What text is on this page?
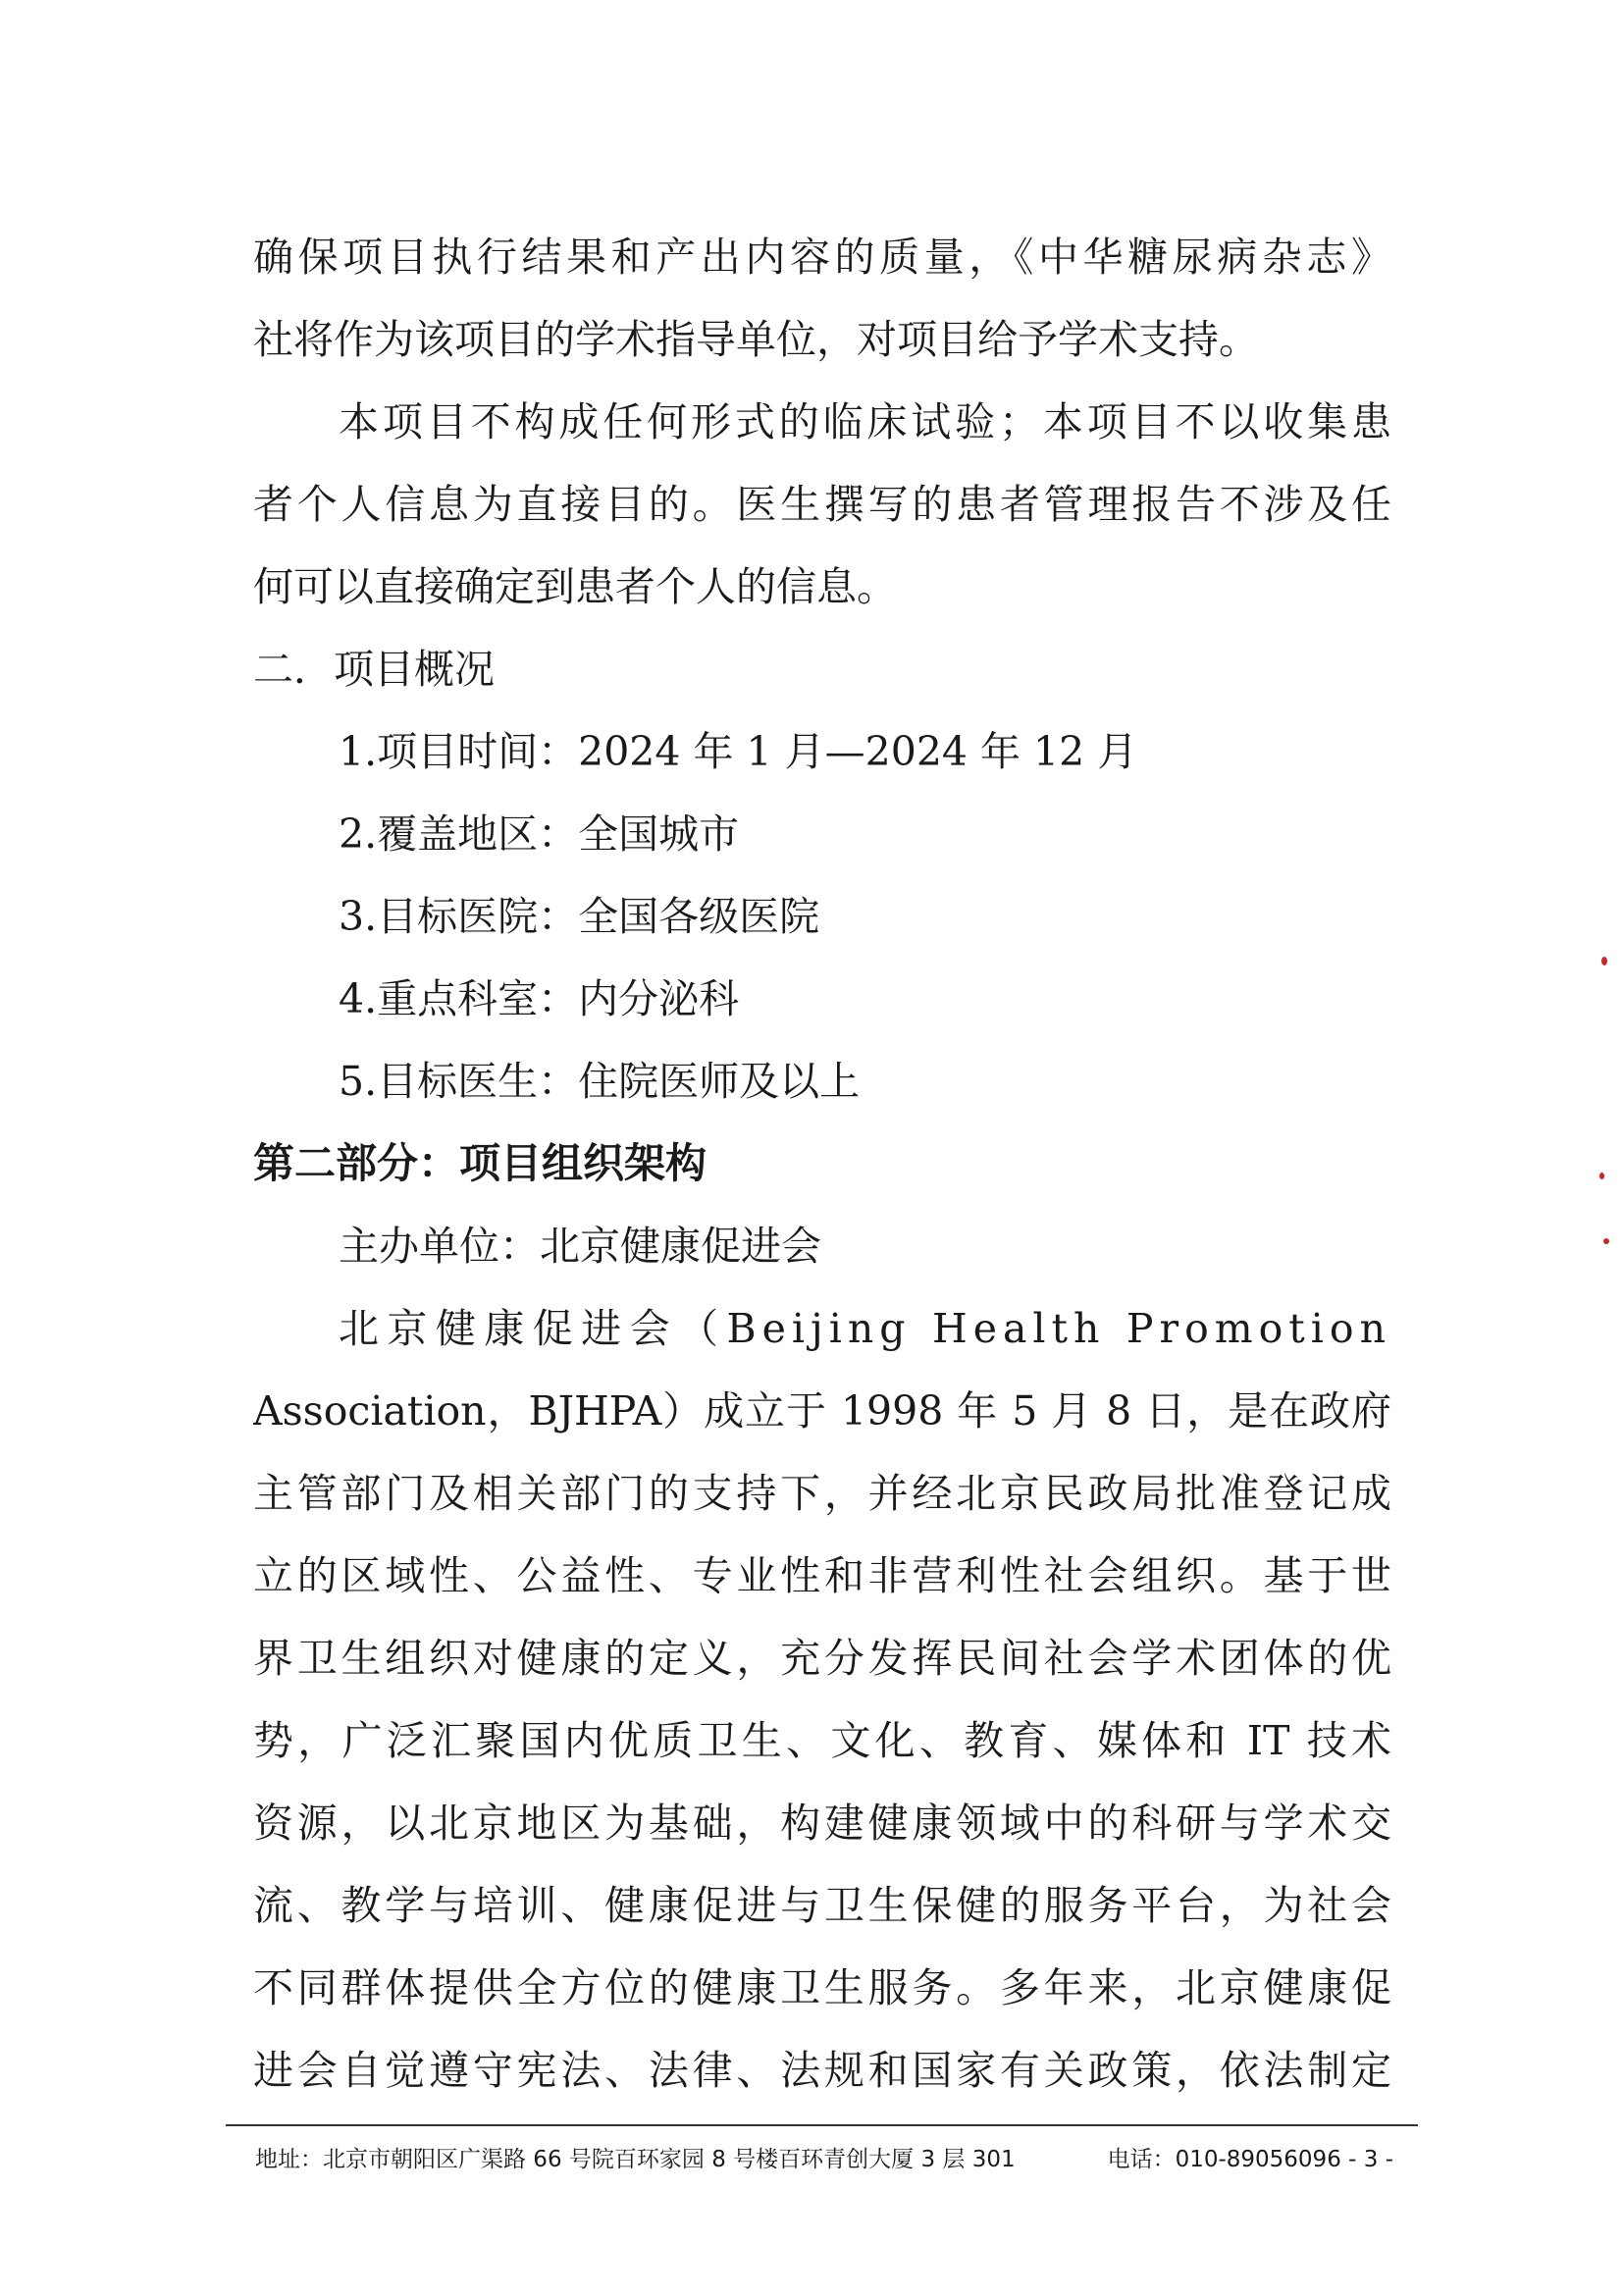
确保项目执行结果和产出内容的质量，《中华糖尿病杂志》
社将作为该项目的学术指导单位，对项目给予学术支持。
本项目不构成任何形式的临床试验；本项目不以收集患
者个人信息为直接目的。医生撰写的患者管理报告不涉及任
何可以直接确定到患者个人的信息。
二．项目概况
1.项目时间：2024 年 1 月—2024 年 12 月
2.覆盖地区：全国城市
3.目标医院：全国各级医院
4.重点科室：内分泌科
5.目标医生：住院医师及以上
第二部分：项目组织架构
主办单位：北京健康促进会
北京健康促进会（Beijing Health Promotion
Association，BJHPA）成立于 1998 年 5 月 8 日，是在政府
主管部门及相关部门的支持下，并经北京民政局批准登记成
立的区域性、公益性、专业性和非营利性社会组织。基于世
界卫生组织对健康的定义，充分发挥民间社会学术团体的优
势，广泛汇聚国内优质卫生、文化、教育、媒体和 IT 技术
资源，以北京地区为基础，构建健康领域中的科研与学术交
流、教学与培训、健康促进与卫生保健的服务平台，为社会
不同群体提供全方位的健康卫生服务。多年来，北京健康促
进会自觉遵守宪法、法律、法规和国家有关政策，依法制定
地址：北京市朝阳区广渠路 66 号院百环家园 8 号楼百环青创大厦 3 层 301	电话：010-89056096 - 3 -
